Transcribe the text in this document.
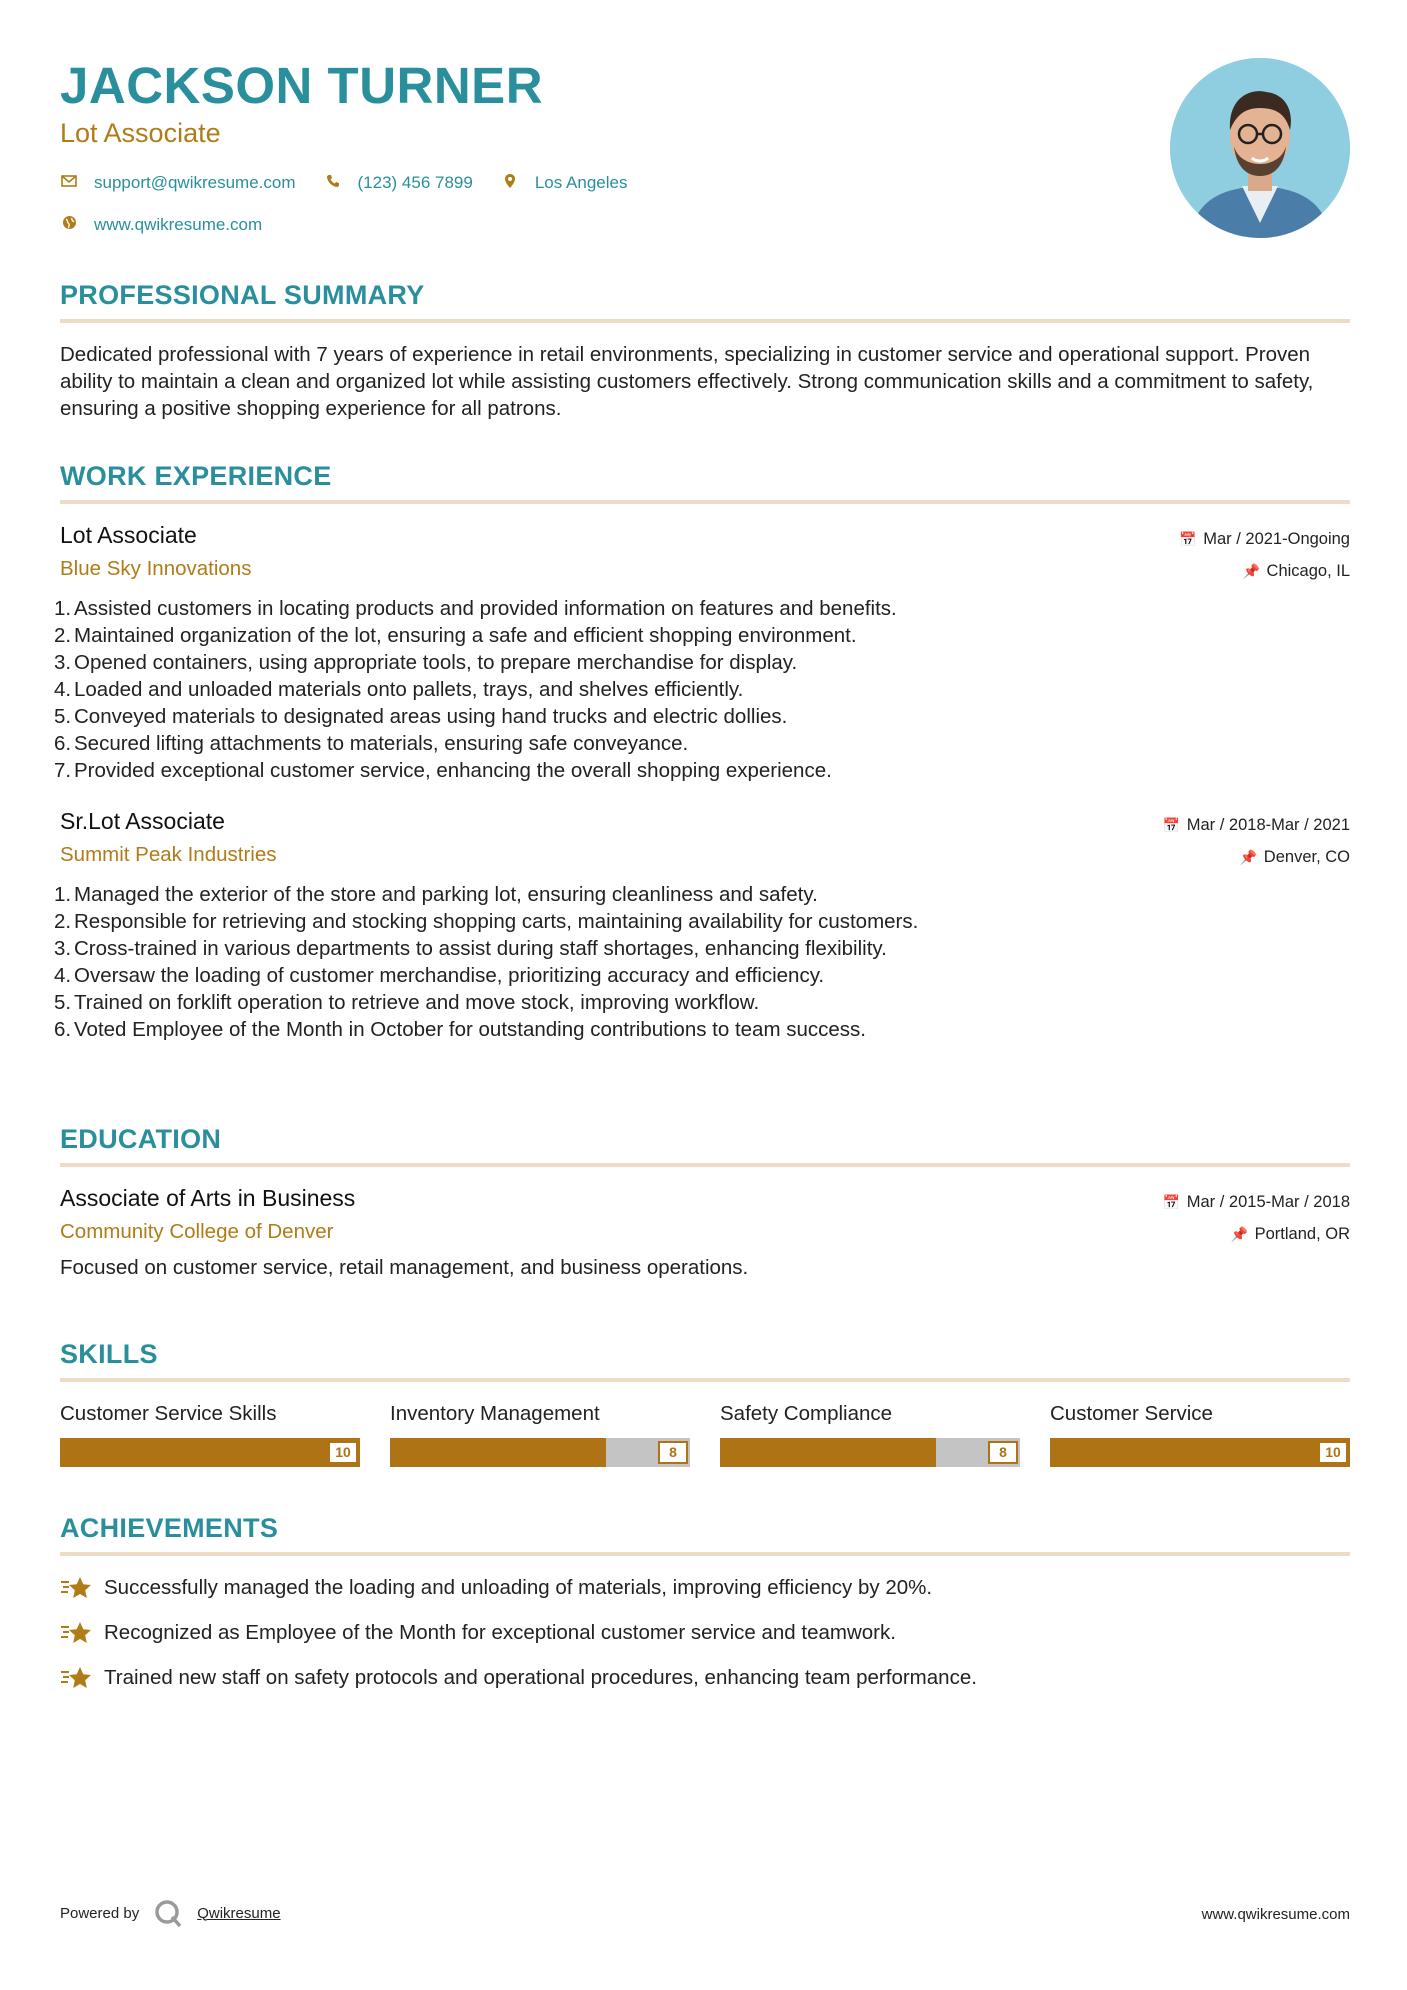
JACKSON TURNER
Lot Associate
support@qwikresume.com	(123) 456 7899	Los Angeles
www.qwikresume.com
PROFESSIONAL SUMMARY
Dedicated professional with 7 years of experience in retail environments, specializing in customer service and operational support. Proven ability to maintain a clean and organized lot while assisting customers effectively. Strong communication skills and a commitment to safety, ensuring a positive shopping experience for all patrons.
WORK EXPERIENCE
Lot Associate
Blue Sky Innovations
📅 Mar / 2021-Ongoing
📌 Chicago, IL
1. Assisted customers in locating products and provided information on features and benefits.
2. Maintained organization of the lot, ensuring a safe and efficient shopping environment.
3. Opened containers, using appropriate tools, to prepare merchandise for display.
4. Loaded and unloaded materials onto pallets, trays, and shelves efficiently.
5. Conveyed materials to designated areas using hand trucks and electric dollies.
6. Secured lifting attachments to materials, ensuring safe conveyance.
7. Provided exceptional customer service, enhancing the overall shopping experience.
Sr.Lot Associate
Summit Peak Industries
📅 Mar / 2018-Mar / 2021
📌 Denver, CO
1. Managed the exterior of the store and parking lot, ensuring cleanliness and safety.
2. Responsible for retrieving and stocking shopping carts, maintaining availability for customers.
3. Cross-trained in various departments to assist during staff shortages, enhancing flexibility.
4. Oversaw the loading of customer merchandise, prioritizing accuracy and efficiency.
5. Trained on forklift operation to retrieve and move stock, improving workflow.
6. Voted Employee of the Month in October for outstanding contributions to team success.
EDUCATION
Associate of Arts in Business
Community College of Denver
📅 Mar / 2015-Mar / 2018
📌 Portland, OR
Focused on customer service, retail management, and business operations.
SKILLS
Customer Service Skills
10
Inventory Management
8
Safety Compliance
8
Customer Service
10
ACHIEVEMENTS
Successfully managed the loading and unloading of materials, improving efficiency by 20%.
Recognized as Employee of the Month for exceptional customer service and teamwork.
Trained new staff on safety protocols and operational procedures, enhancing team performance.
Powered by	Qwikresume	www.qwikresume.com
